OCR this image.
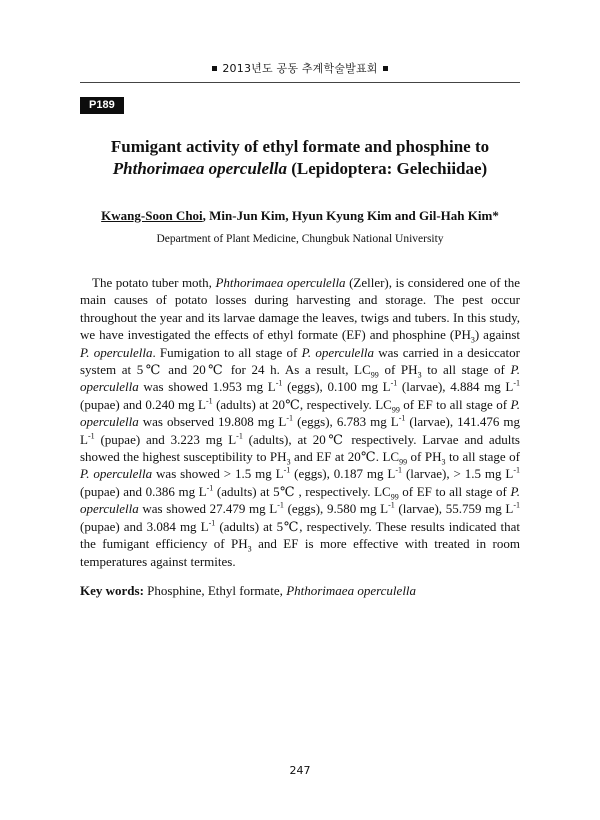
2013년도 공동 추계학술발표회
P189
Fumigant activity of ethyl formate and phosphine to
Phthorimaea operculella (Lepidoptera: Gelechiidae)
Kwang-Soon Choi, Min-Jun Kim, Hyun Kyung Kim and Gil-Hah Kim*
Department of Plant Medicine, Chungbuk National University

The potato tuber moth, Phthorimaea operculella (Zeller), is considered one of the main causes of potato losses during harvesting and storage. The pest occur throughout the year and its larvae damage the leaves, twigs and tubers. In this study, we have investigated the effects of ethyl formate (EF) and phosphine $(PH_3)$ against P. operculella. Fumigation to all stage of P. operculella was carried in a desiccator system at 5℃ and 20℃ for 24 h. As a result, $LC_{99}$ of $PH_3$ to all stage of P. operculella was showed 1.953 mg $L^{-1}$ (eggs), 0.100 mg $L^{-1}$ (larvae), 4.884 mg $L^{-1}$ (pupae) and 0.240 mg $L^{-1}$ (adults) at 20℃, respectively. $LC_{99}$ of EF to all stage of P. operculella was observed 19.808 mg $L^{-1}$ (eggs), 6.783 mg $L^{-1}$ (larvae), 141.476 mg $L^{-1}$ (pupae) and 3.223 mg $L^{-1}$ (adults), at 20℃ respectively. Larvae and adults showed the highest susceptibility to $PH_3$ and EF at 20℃. $LC_{99}$ of $PH_3$ to all stage of P. operculella was showed > 1.5 mg $L^{-1}$ (eggs), 0.187 mg $L^{-1}$ (larvae), > 1.5 mg $L^{-1}$ (pupae) and 0.386 mg $L^{-1}$ (adults) at 5℃ , respectively. $LC_{99}$ of EF to all stage of P. operculella was showed 27.479 mg $L^{-1}$ (eggs), 9.580 mg $L^{-1}$ (larvae), 55.759 mg $L^{-1}$ (pupae) and 3.084 mg $L^{-1}$ (adults) at 5℃, respectively. These results indicated that the fumigant efficiency of $PH_3$ and EF is more effective with treated in room temperatures against termites.

Key words: Phosphine, Ethyl formate, Phthorimaea operculella
247
